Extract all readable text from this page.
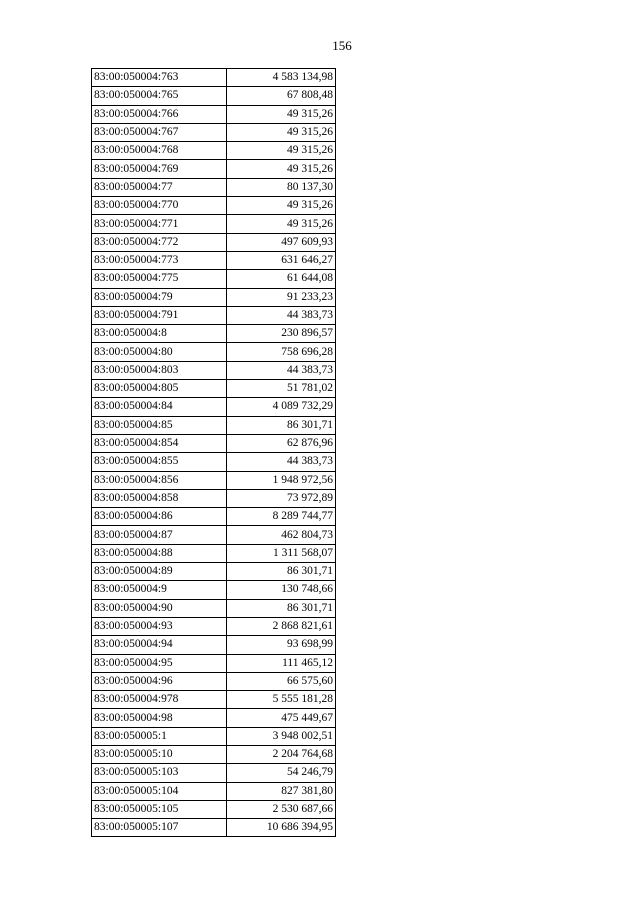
156
83:00:050004:763	4 583 134,98
83:00:050004:765	67 808,48
83:00:050004:766	49 315,26
83:00:050004:767	49 315,26
83:00:050004:768	49 315,26
83:00:050004:769	49 315,26
83:00:050004:77	80 137,30
83:00:050004:770	49 315,26
83:00:050004:771	49 315,26
83:00:050004:772	497 609,93
83:00:050004:773	631 646,27
83:00:050004:775	61 644,08
83:00:050004:79	91 233,23
83:00:050004:791	44 383,73
83:00:050004:8	230 896,57
83:00:050004:80	758 696,28
83:00:050004:803	44 383,73
83:00:050004:805	51 781,02
83:00:050004:84	4 089 732,29
83:00:050004:85	86 301,71
83:00:050004:854	62 876,96
83:00:050004:855	44 383,73
83:00:050004:856	1 948 972,56
83:00:050004:858	73 972,89
83:00:050004:86	8 289 744,77
83:00:050004:87	462 804,73
83:00:050004:88	1 311 568,07
83:00:050004:89	86 301,71
83:00:050004:9	130 748,66
83:00:050004:90	86 301,71
83:00:050004:93	2 868 821,61
83:00:050004:94	93 698,99
83:00:050004:95	111 465,12
83:00:050004:96	66 575,60
83:00:050004:978	5 555 181,28
83:00:050004:98	475 449,67
83:00:050005:1	3 948 002,51
83:00:050005:10	2 204 764,68
83:00:050005:103	54 246,79
83:00:050005:104	827 381,80
83:00:050005:105	2 530 687,66
83:00:050005:107	10 686 394,95
